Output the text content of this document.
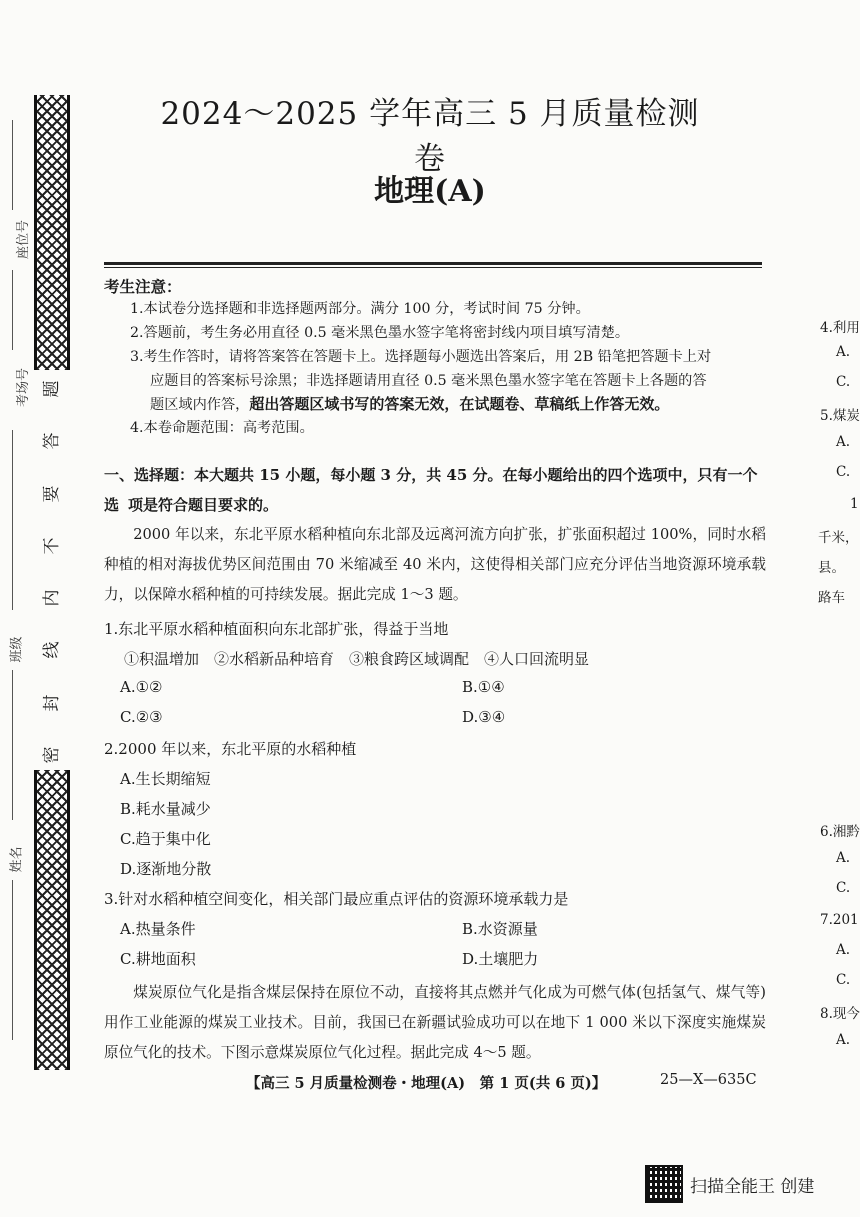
题
答
要
不
内
线
封
密
座位号
考场号
班级
姓名
2024～2025 学年高三 5 月质量检测卷
地理(A)
考生注意：
1.本试卷分选择题和非选择题两部分。满分 100 分，考试时间 75 分钟。
2.答题前，考生务必用直径 0.5 毫米黑色墨水签字笔将密封线内项目填写清楚。
3.考生作答时，请将答案答在答题卡上。选择题每小题选出答案后，用 2B 铅笔把答题卡上对
应题目的答案标号涂黑；非选择题请用直径 0.5 毫米黑色墨水签字笔在答题卡上各题的答
题区域内作答，超出答题区域书写的答案无效，在试题卷、草稿纸上作答无效。
4.本卷命题范围：高考范围。
一、选择题：本大题共 15 小题，每小题 3 分，共 45 分。在每小题给出的四个选项中，只有一个选 项是符合题目要求的。
2000 年以来，东北平原水稻种植向东北部及远离河流方向扩张，扩张面积超过 100%，同时水稻种植的相对海拔优势区间范围由 70 米缩减至 40 米内，这使得相关部门应充分评估当地资源环境承载力，以保障水稻种植的可持续发展。据此完成 1～3 题。
1.东北平原水稻种植面积向东北部扩张，得益于当地
①积温增加　②水稻新品种培育　③粮食跨区域调配　④人口回流明显
A.①②	B.①④
C.②③	D.③④
2.2000 年以来，东北平原的水稻种植
A.生长期缩短
B.耗水量减少
C.趋于集中化
D.逐渐地分散
3.针对水稻种植空间变化，相关部门最应重点评估的资源环境承载力是
A.热量条件	B.水资源量
C.耕地面积	D.土壤肥力
煤炭原位气化是指含煤层保持在原位不动，直接将其点燃并气化成为可燃气体(包括氢气、煤气等)用作工业能源的煤炭工业技术。目前，我国已在新疆试验成功可以在地下 1 000 米以下深度实施煤炭原位气化的技术。下图示意煤炭原位气化过程。据此完成 4～5 题。
【高三 5 月质量检测卷・地理(A)　第 1 页(共 6 页)】	25—X—635C
4.利用
A.
C.
5.煤炭
A.
C.
1
千米，
县。
路车
6.湘黔
A.
C.
7.201
A.
C.
8.现今
A.
扫描全能王 创建
